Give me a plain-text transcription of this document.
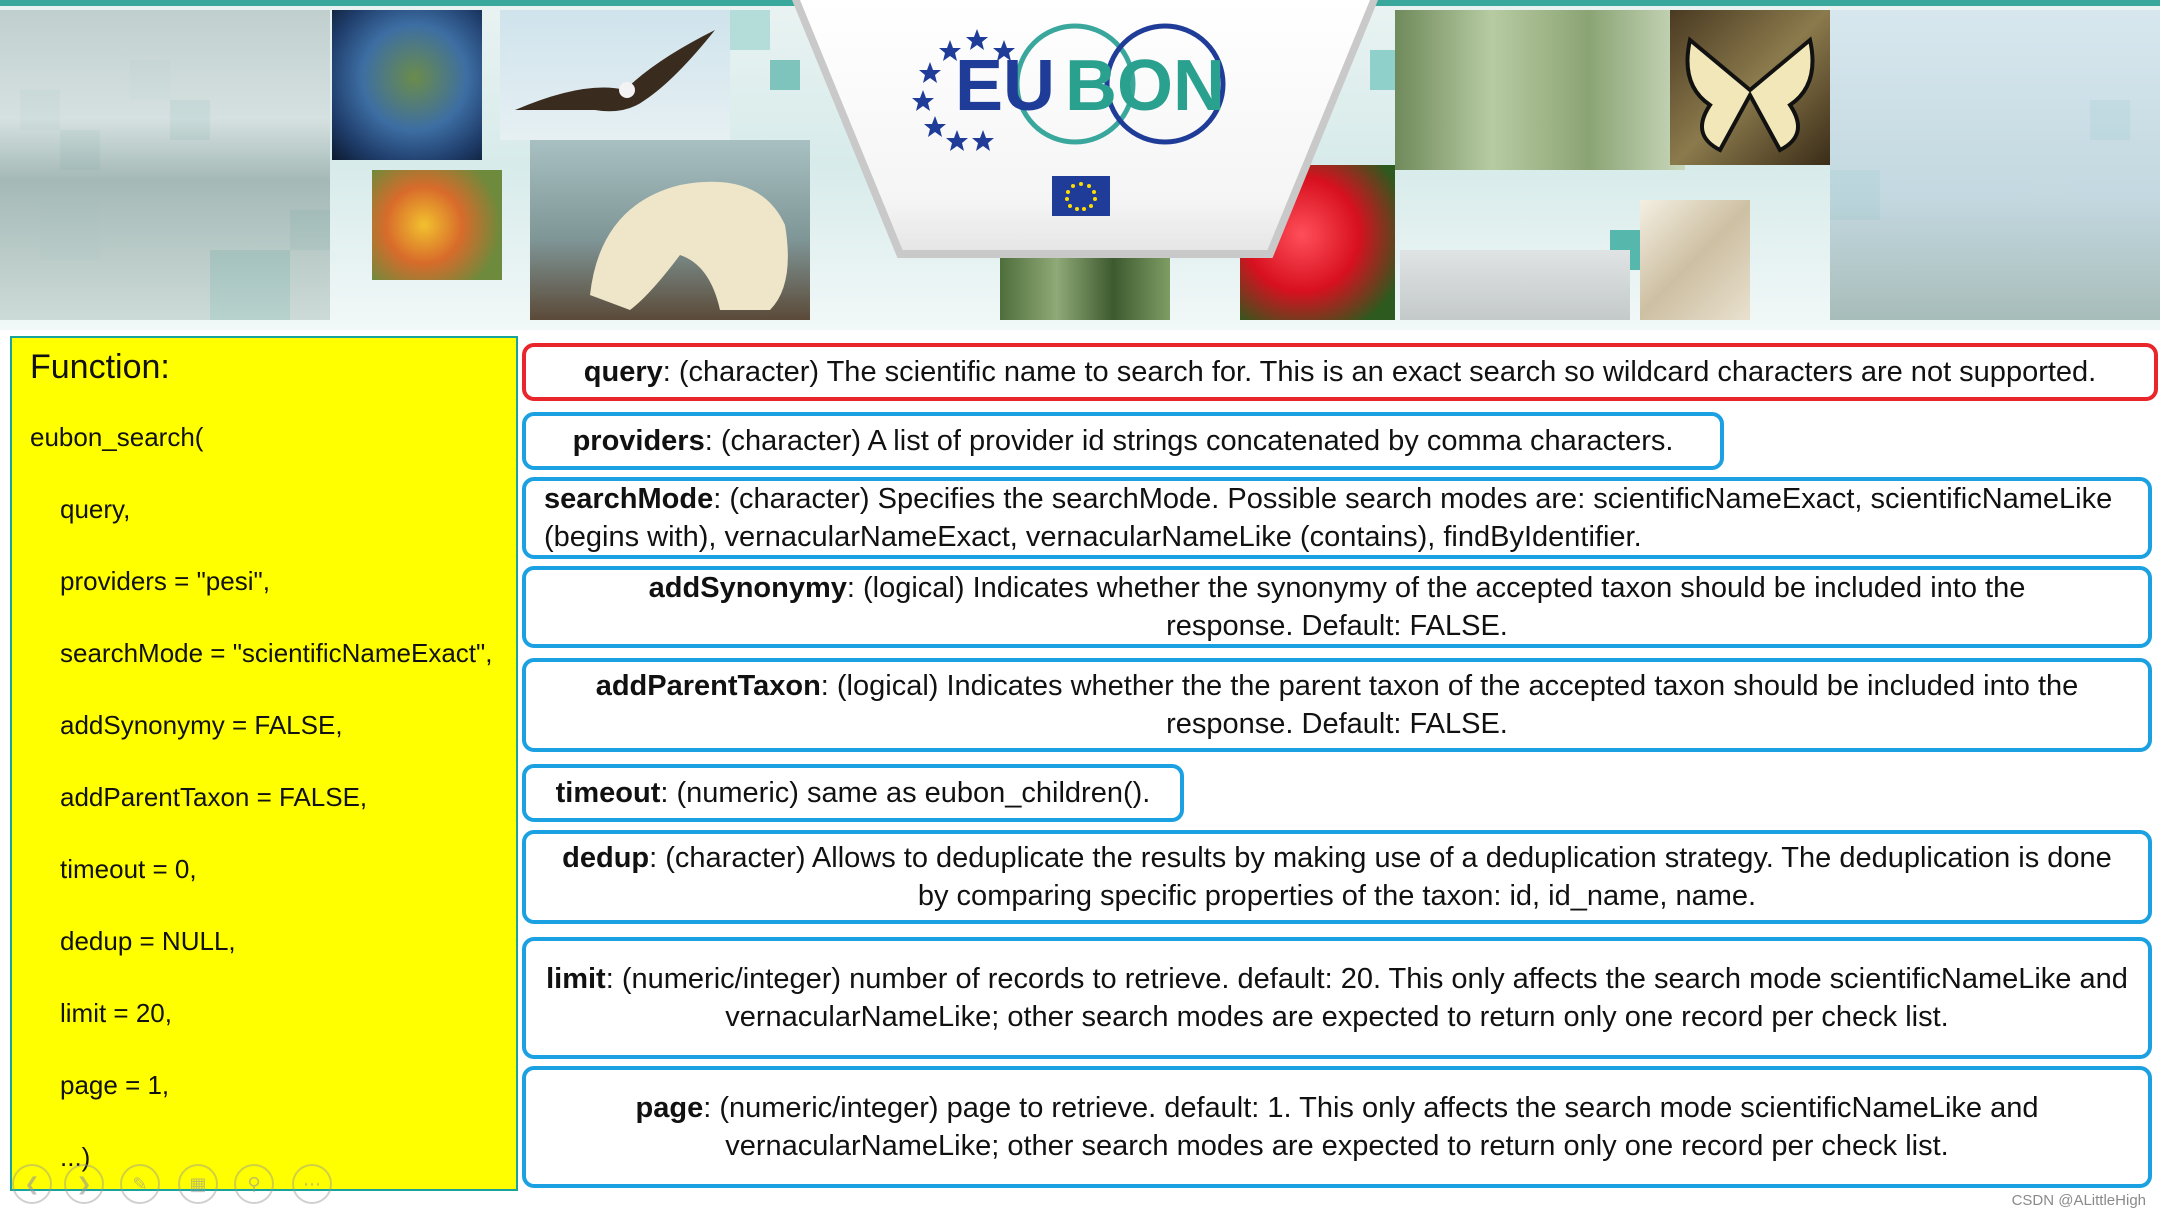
EU BON
Function:
eubon_search(
query,
providers = "pesi",
searchMode = "scientificNameExact",
addSynonymy = FALSE,
addParentTaxon = FALSE,
timeout = 0,
dedup = NULL,
limit = 20,
page = 1,
...)
query: (character) The scientific name to search for. This is an exact search so wildcard characters are not supported.
providers: (character) A list of provider id strings concatenated by comma characters.
searchMode: (character) Specifies the searchMode. Possible search modes are: scientificNameExact, scientificNameLike (begins with), vernacularNameExact, vernacularNameLike (contains), findByIdentifier.
addSynonymy: (logical) Indicates whether the synonymy of the accepted taxon should be included into the response. Default: FALSE.
addParentTaxon: (logical) Indicates whether the the parent taxon of the accepted taxon should be included into the response. Default: FALSE.
timeout: (numeric) same as eubon_children().
dedup: (character) Allows to deduplicate the results by making use of a deduplication strategy. The deduplication is done by comparing specific properties of the taxon: id, id_name, name.
limit: (numeric/integer) number of records to retrieve. default: 20. This only affects the search mode scientificNameLike and vernacularNameLike; other search modes are expected to return only one record per check list.
page: (numeric/integer) page to retrieve. default: 1. This only affects the search mode scientificNameLike and vernacularNameLike; other search modes are expected to return only one record per check list.
❮	❯	✎	▦	⚲	⋯
CSDN @ALittleHigh
